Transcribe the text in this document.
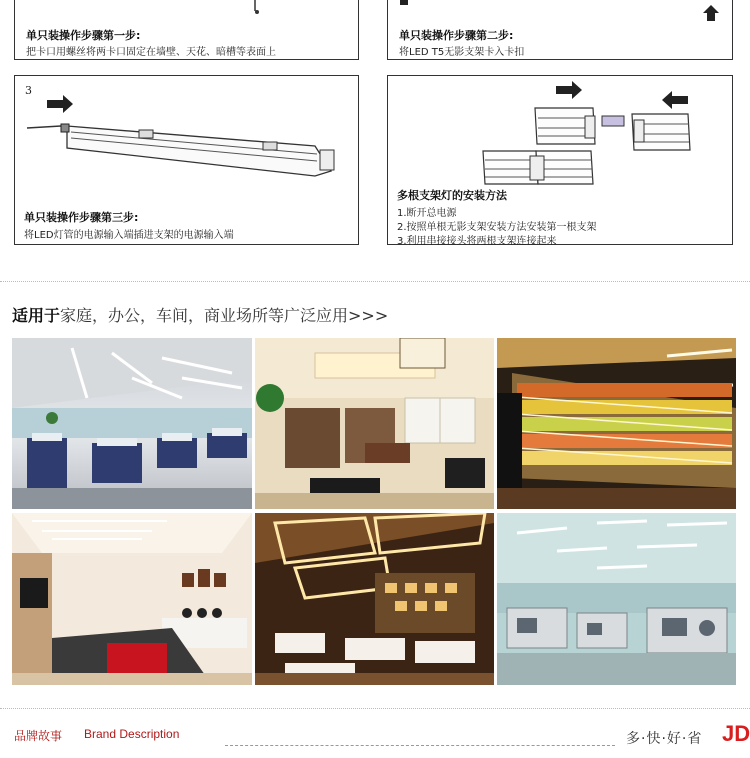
单只装操作步骤第一步:
把卡口用螺丝将两卡口固定在墙壁、天花、暗槽等表面上
单只装操作步骤第二步:
将LED T5无影支架卡入卡扣
3
单只装操作步骤第三步:
将LED灯管的电源输入端插进支架的电源输入端
多根支架灯的安装方法
1.断开总电源
2.按照单根无影支架安装方法安装第一根支架
3.利用串接接头将两根支架连接起来
适用于家庭，办公，车间，商业场所等广泛应用>>>
品牌故事 Brand Description	多·快·好·省 JD
